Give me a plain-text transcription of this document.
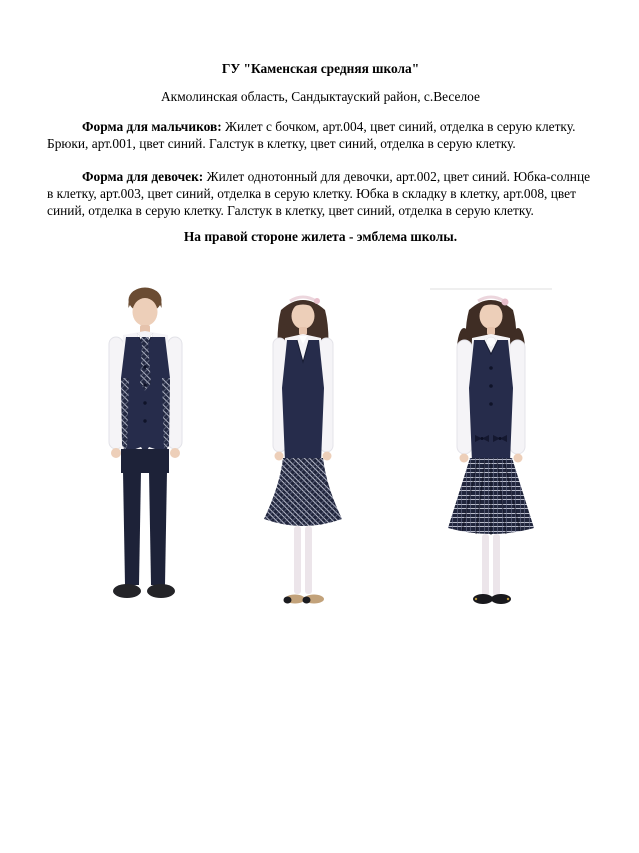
ГУ "Каменская средняя школа"

Акмолинская область, Сандыктауский район, с.Веселое

Форма для мальчиков: Жилет с бочком, арт.004, цвет синий, отделка в серую клетку. Брюки, арт.001, цвет синий. Галстук в клетку, цвет синий, отделка в серую клетку.

Форма для девочек: Жилет однотонный для девочки, арт.002, цвет синий. Юбка-солнце в клетку, арт.003, цвет синий, отделка в серую клетку. Юбка в складку в клетку, арт.008, цвет синий, отделка в серую клетку. Галстук в клетку, цвет синий, отделка в серую клетку.

На правой стороне жилета - эмблема школы.
